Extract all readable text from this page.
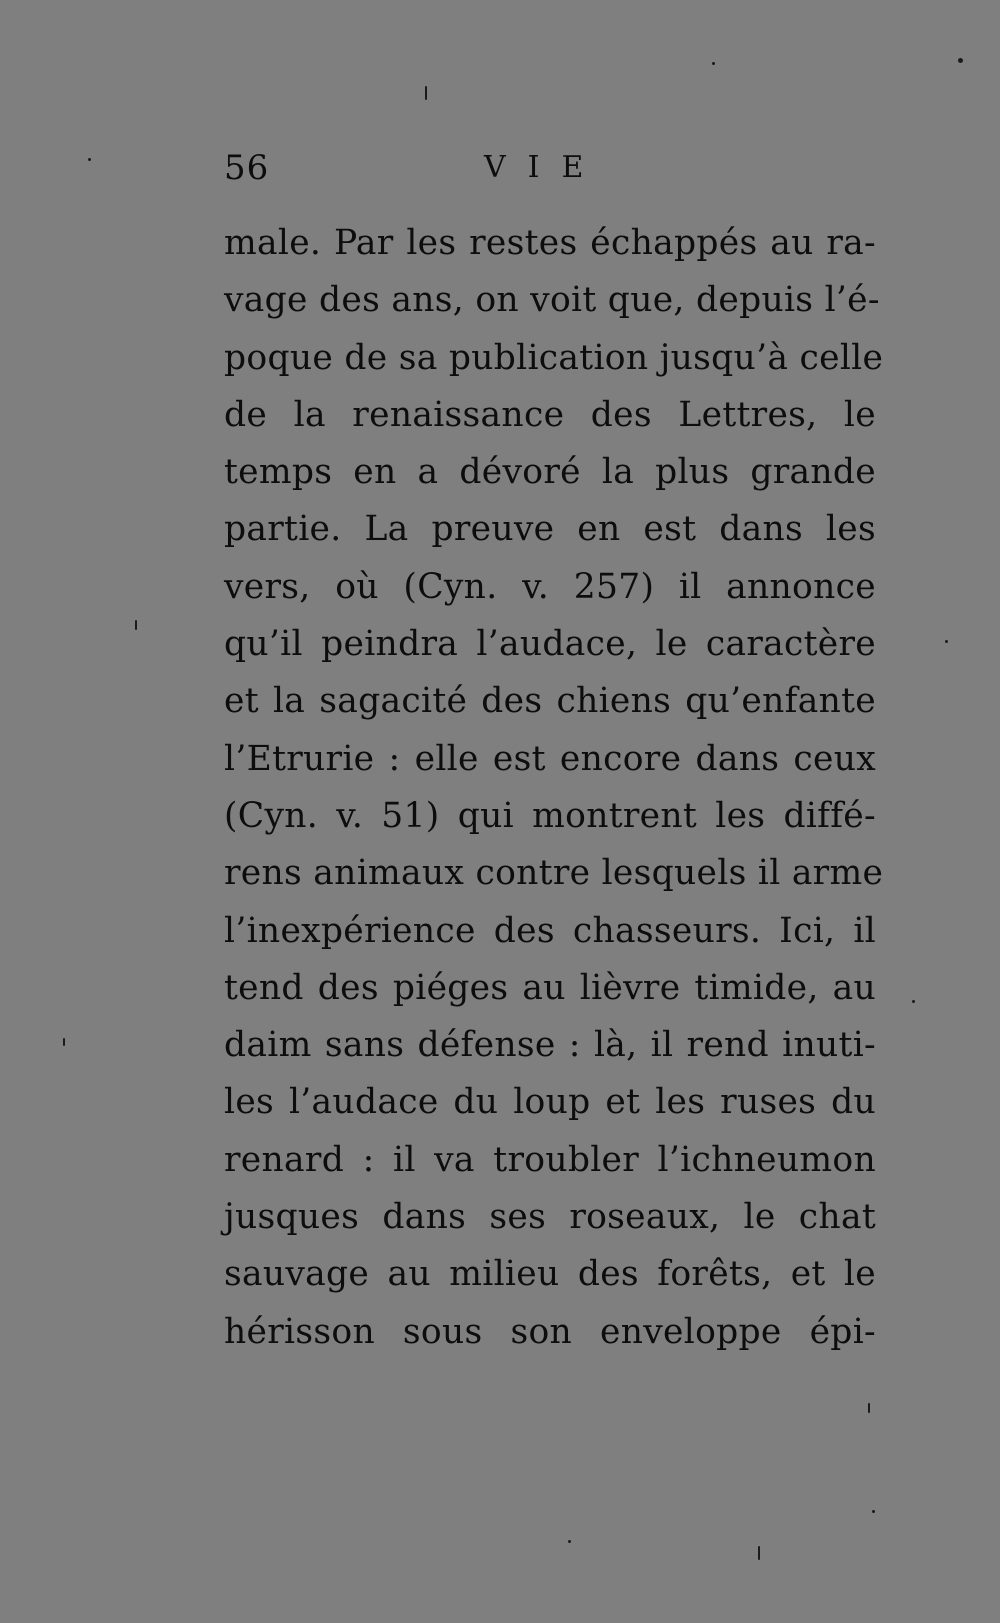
56	VIE
male. Par les restes échappés au ra-
vage des ans, on voit que, depuis l’é-
poque de sa publication jusqu’à celle
de la renaissance des Lettres, le
temps en a dévoré la plus grande
partie. La preuve en est dans les
vers, où (Cyn. v. 257) il annonce
qu’il peindra l’audace, le caractère
et la sagacité des chiens qu’enfante
l’Etrurie : elle est encore dans ceux
(Cyn. v. 51) qui montrent les diffé-
rens animaux contre lesquels il arme
l’inexpérience des chasseurs. Ici, il
tend des piéges au lièvre timide, au
daim sans défense : là, il rend inuti-
les l’audace du loup et les ruses du
renard : il va troubler l’ichneumon
jusques dans ses roseaux, le chat
sauvage au milieu des forêts, et le
hérisson sous son enveloppe épi-
